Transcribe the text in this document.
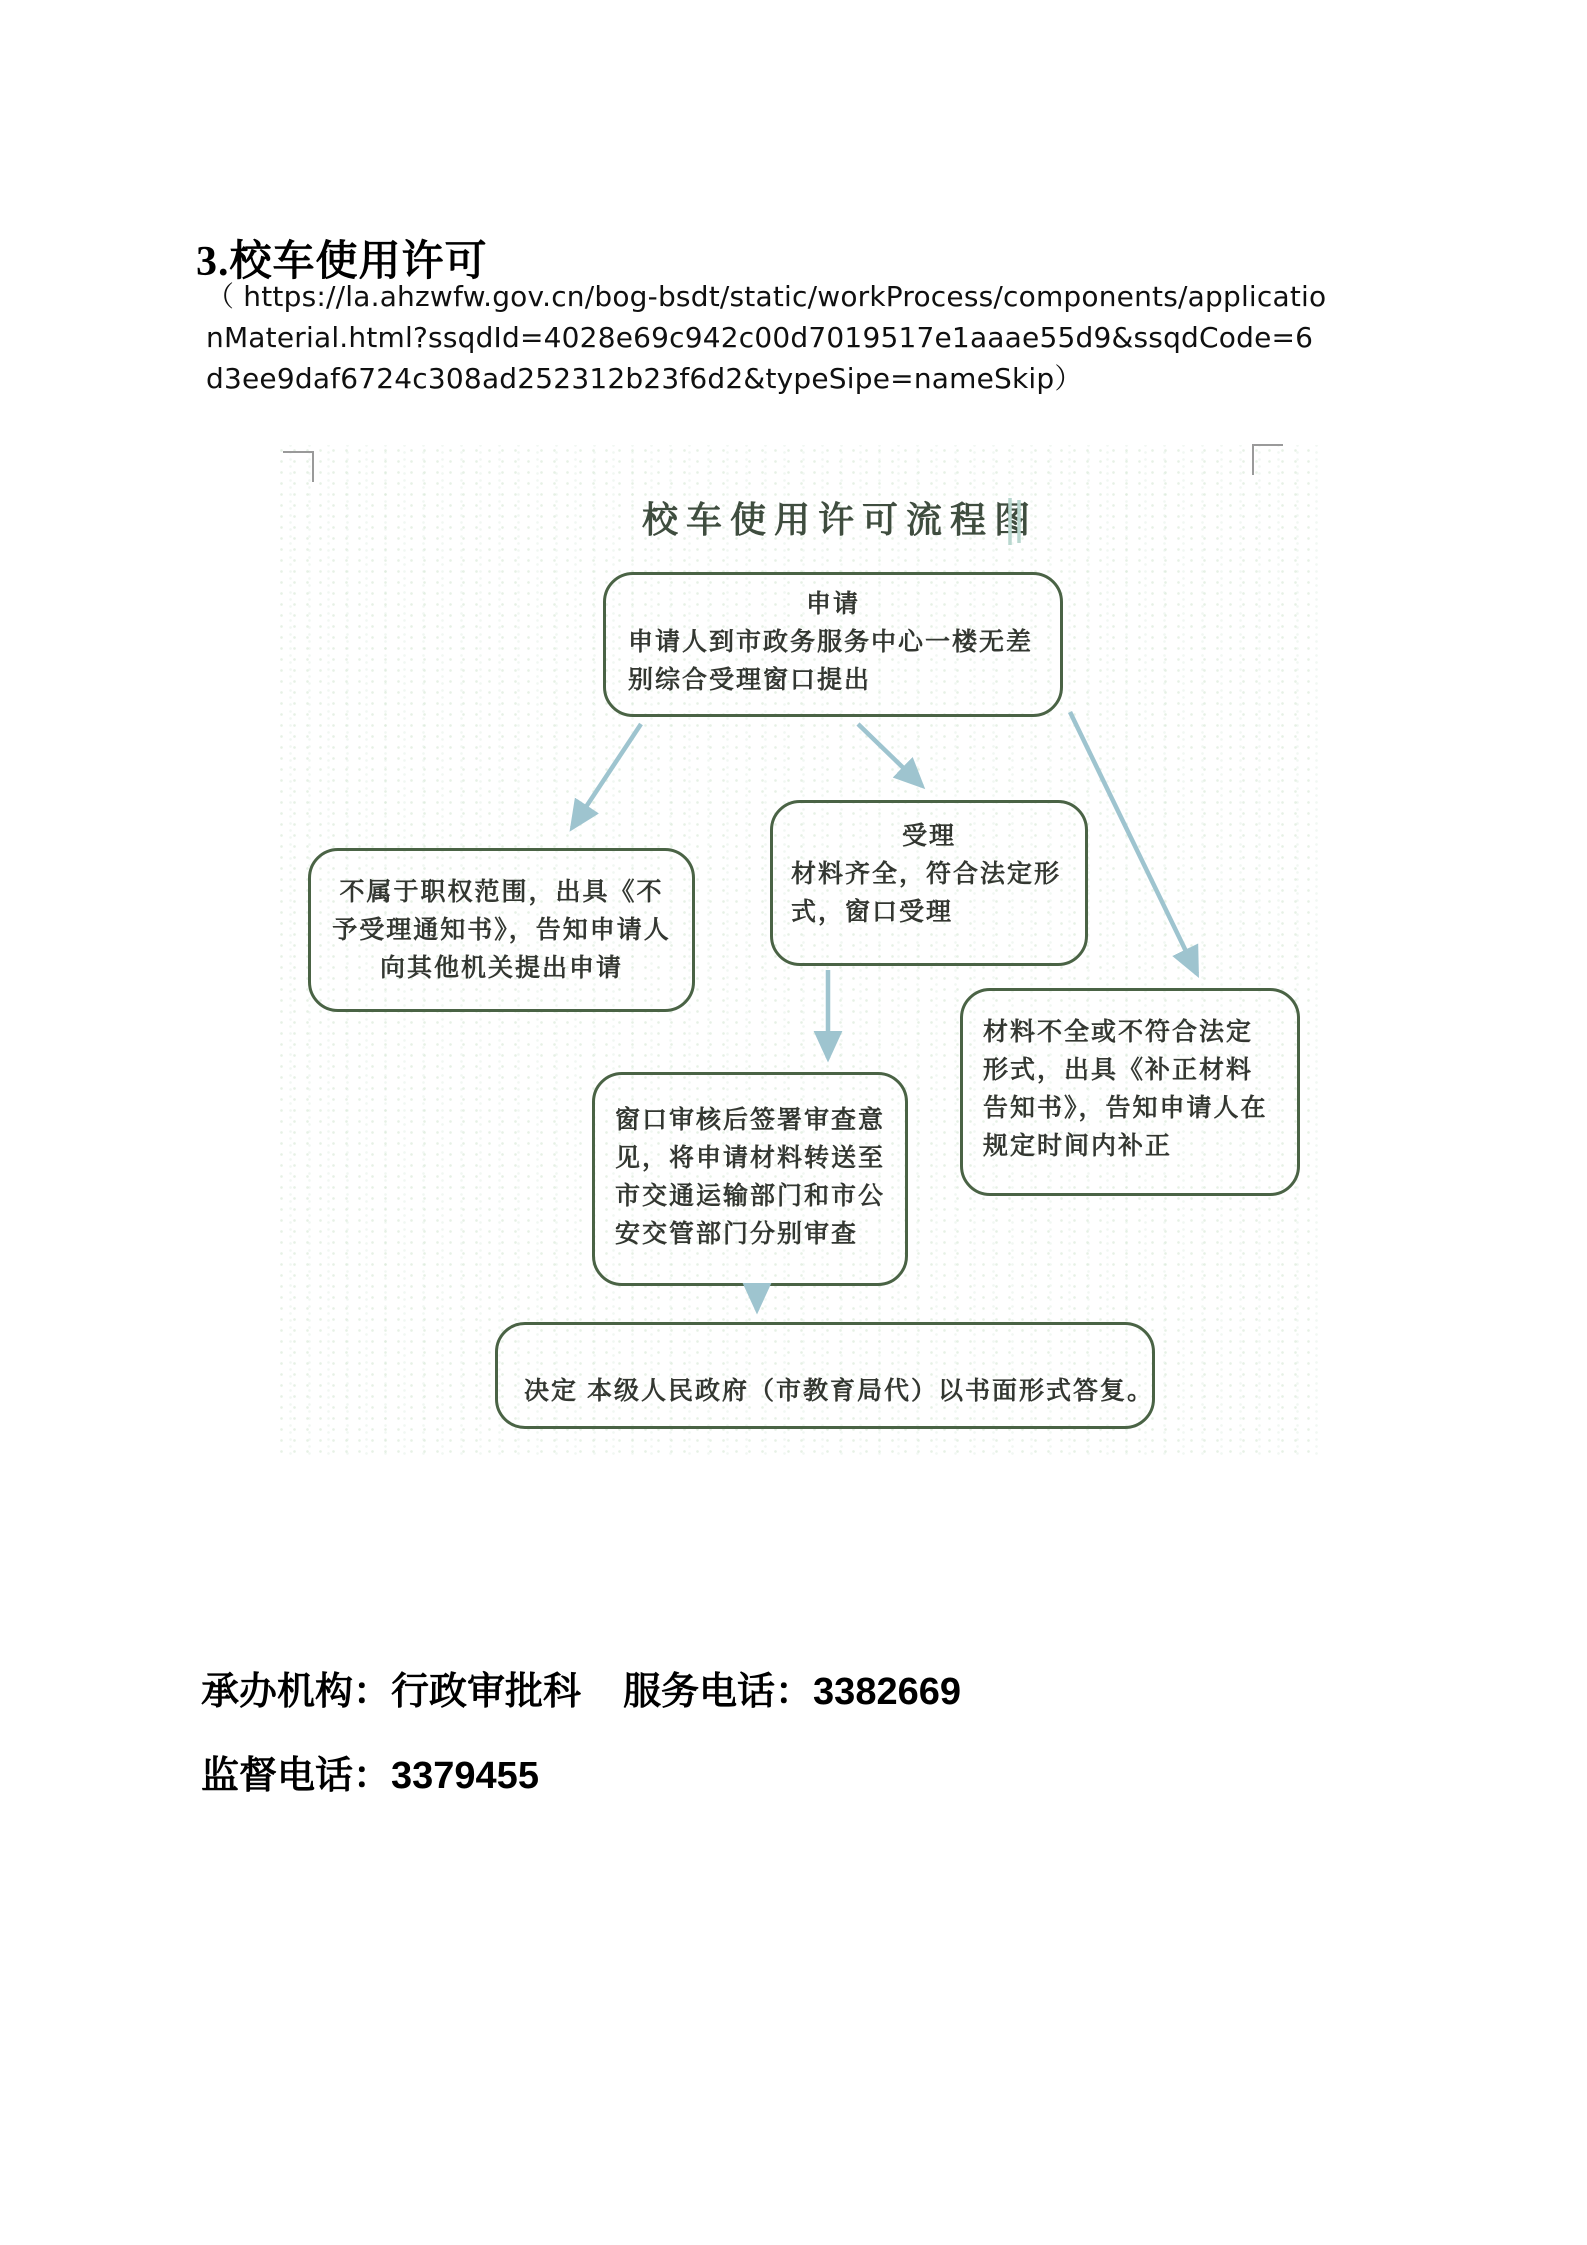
3.校车使用许可
（ https://la.ahzwfw.gov.cn/bog-bsdt/static/workProcess/components/applicatio
nMaterial.html?ssqdId=4028e69c942c00d7019517e1aaae55d9&ssqdCode=6
d3ee9daf6724c308ad252312b23f6d2&typeSipe=nameSkip）
校车使用许可流程图
申请
申请人到市政务服务中心一楼无差别综合受理窗口提出
不属于职权范围，出具《不予受理通知书》，告知申请人向其他机关提出申请
受理
材料齐全，符合法定形式，窗口受理
材料不全或不符合法定形式，出具《补正材料告知书》，告知申请人在规定时间内补正
窗口审核后签署审查意见，将申请材料转送至市交通运输部门和市公安交管部门分别审查
决定 本级人民政府（市教育局代）以书面形式答复。
承办机构：行政审批科 服务电话：3382669
监督电话：3379455
